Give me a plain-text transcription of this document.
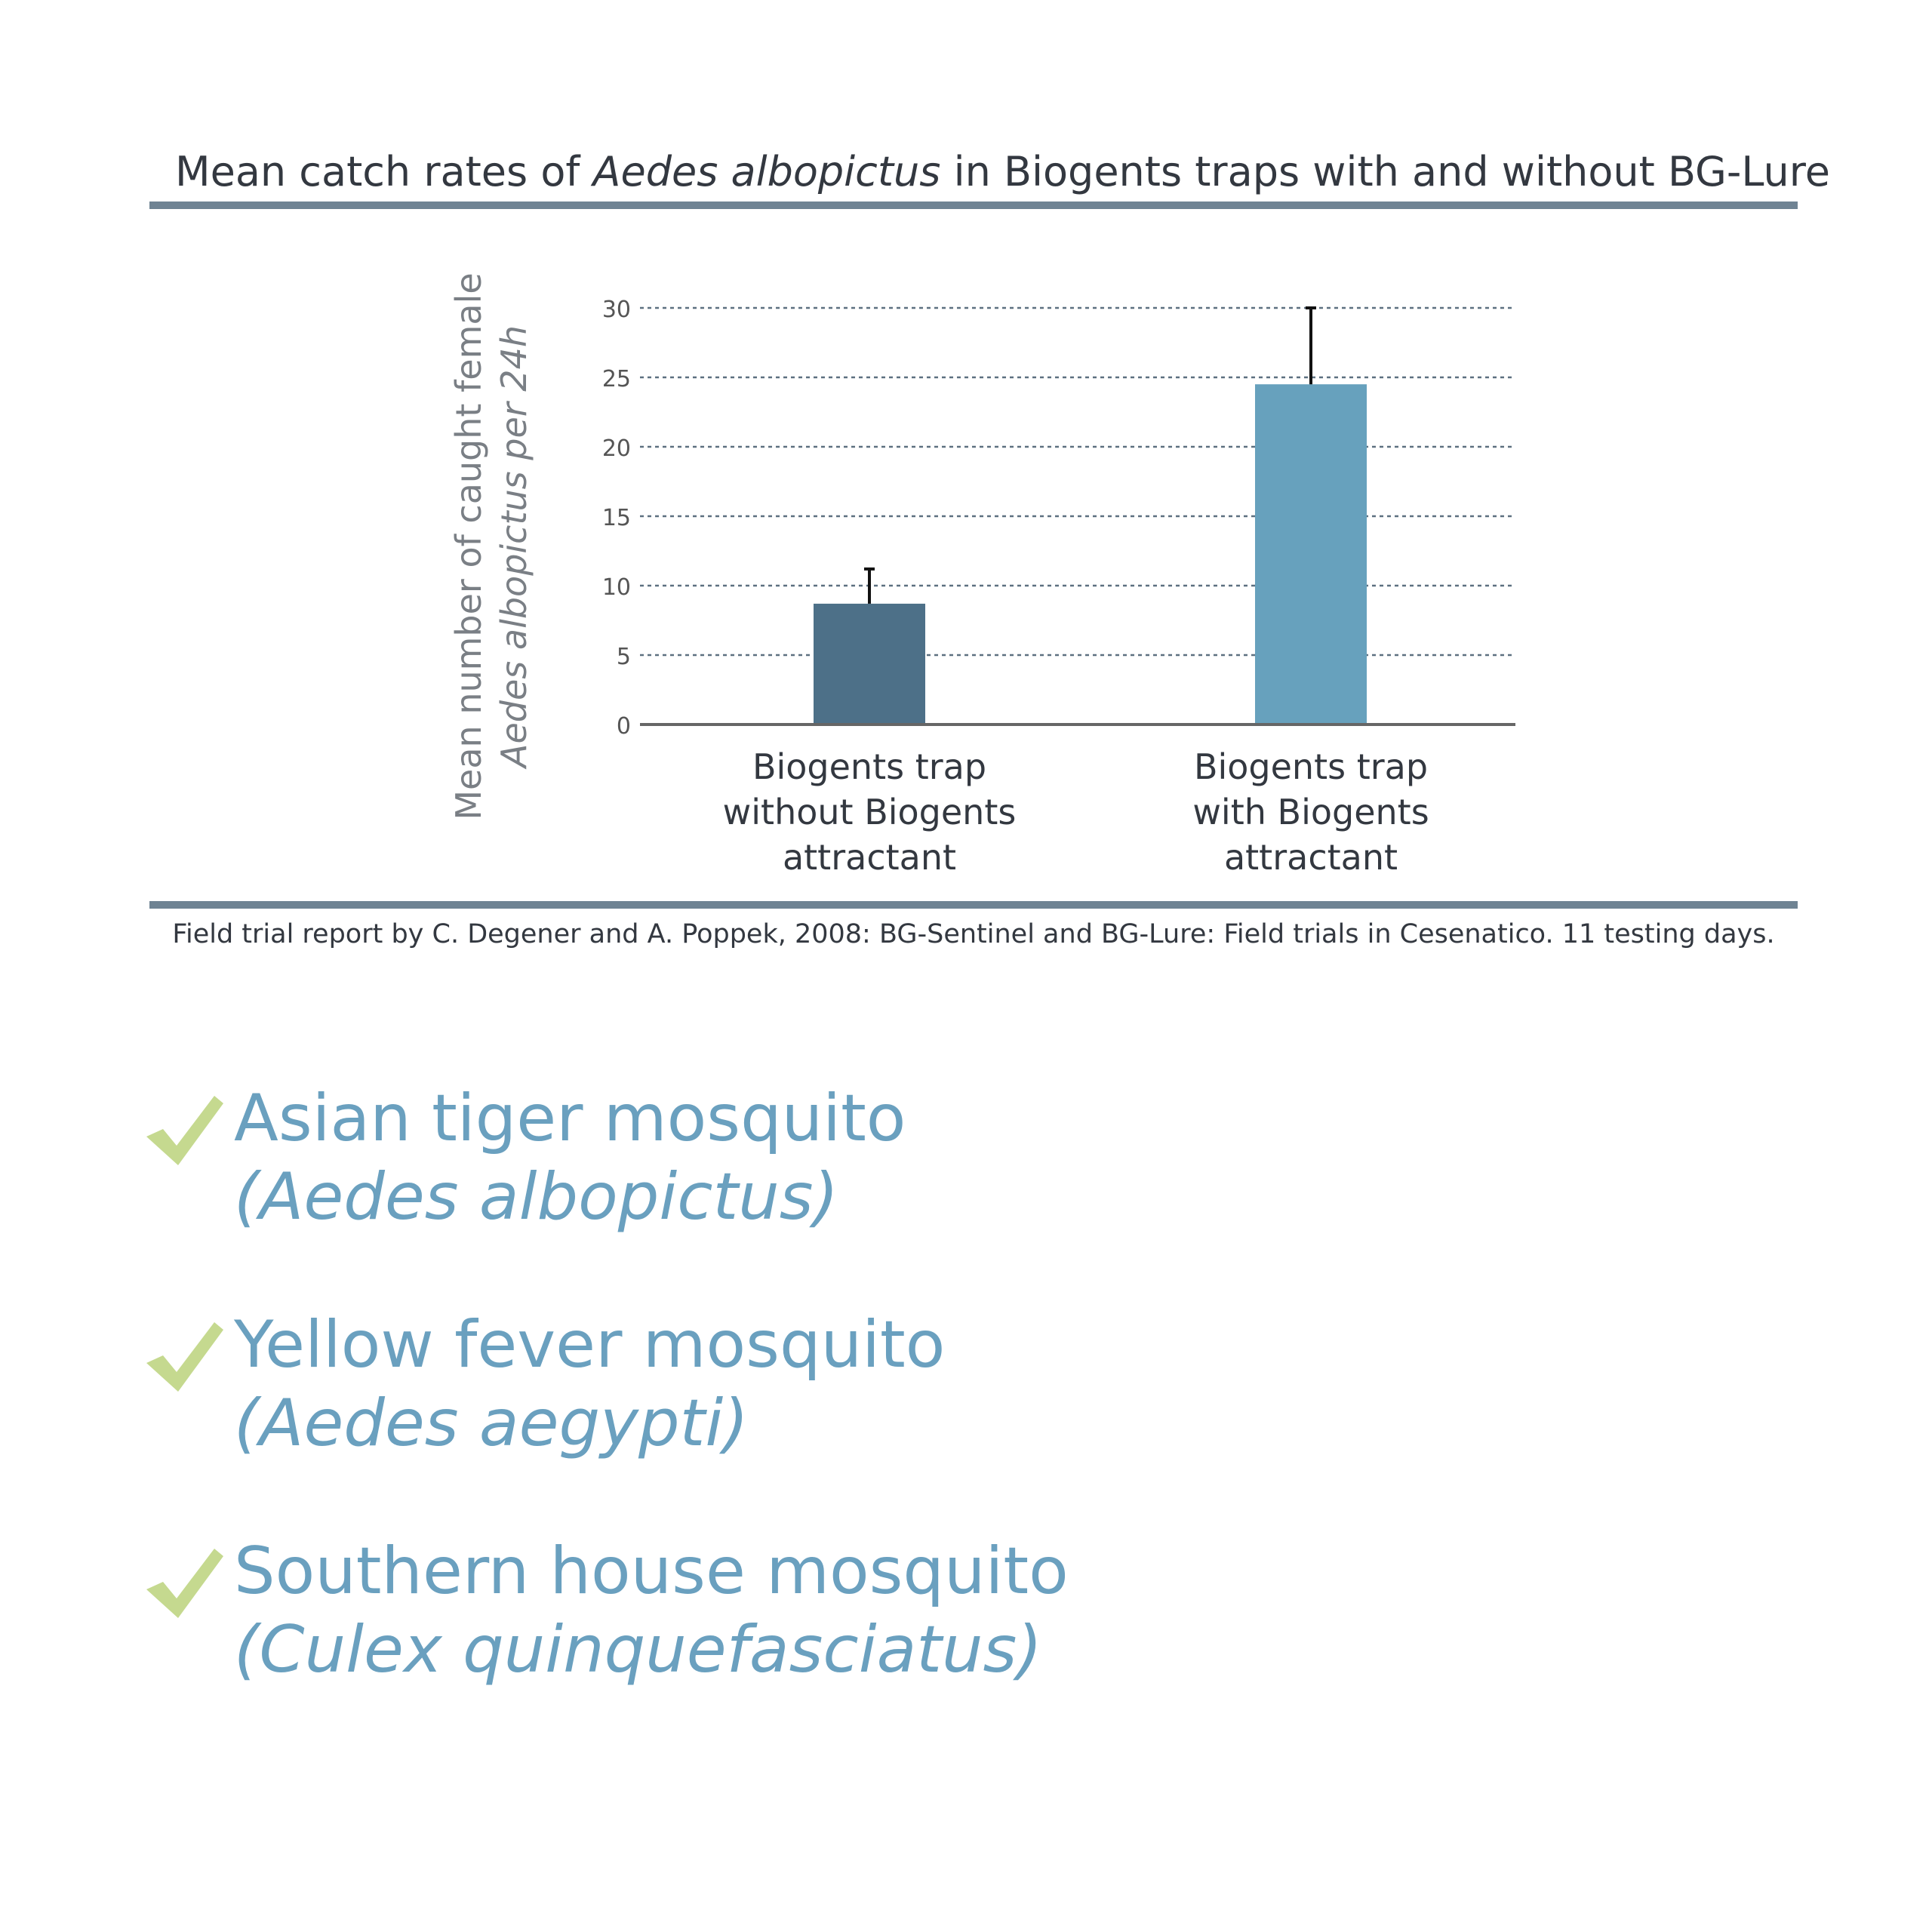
Mean catch rates of Aedes albopictus in Biogents traps with and without BG-Lure
0
5
10
15
20
25
30
Biogents trap
without Biogents
attractant
Biogents trap
with Biogents
attractant
Mean number of caught female Aedes albopictus per 24h
Field trial report by C. Degener and A. Poppek, 2008: BG-Sentinel and BG-Lure: Field trials in Cesenatico. 11 testing days.
Asian tiger mosquito
(Aedes albopictus)
Yellow fever mosquito
(Aedes aegypti)
Southern house mosquito
(Culex quinquefasciatus)
